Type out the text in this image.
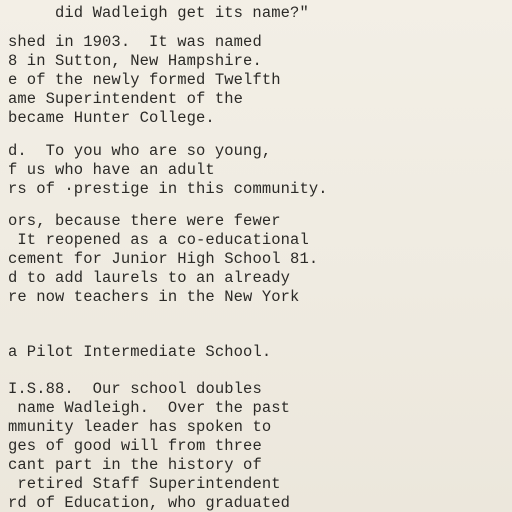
did Wadleigh get its name?"
shed in 1903.  It was named
8 in Sutton, New Hampshire.
e of the newly formed Twelfth
ame Superintendent of the
became Hunter College.
d.  To you who are so young,
f us who have an adult
rs of ·prestige in this community.
ors, because there were fewer
It reopened as a co-educational
cement for Junior High School 81.
d to add laurels to an already
re now teachers in the New York
a Pilot Intermediate School.
I.S.88.  Our school doubles
name Wadleigh.  Over the past
mmunity leader has spoken to
ges of good will from three
cant part in the history of
retired Staff Superintendent
rd of Education, who graduated
